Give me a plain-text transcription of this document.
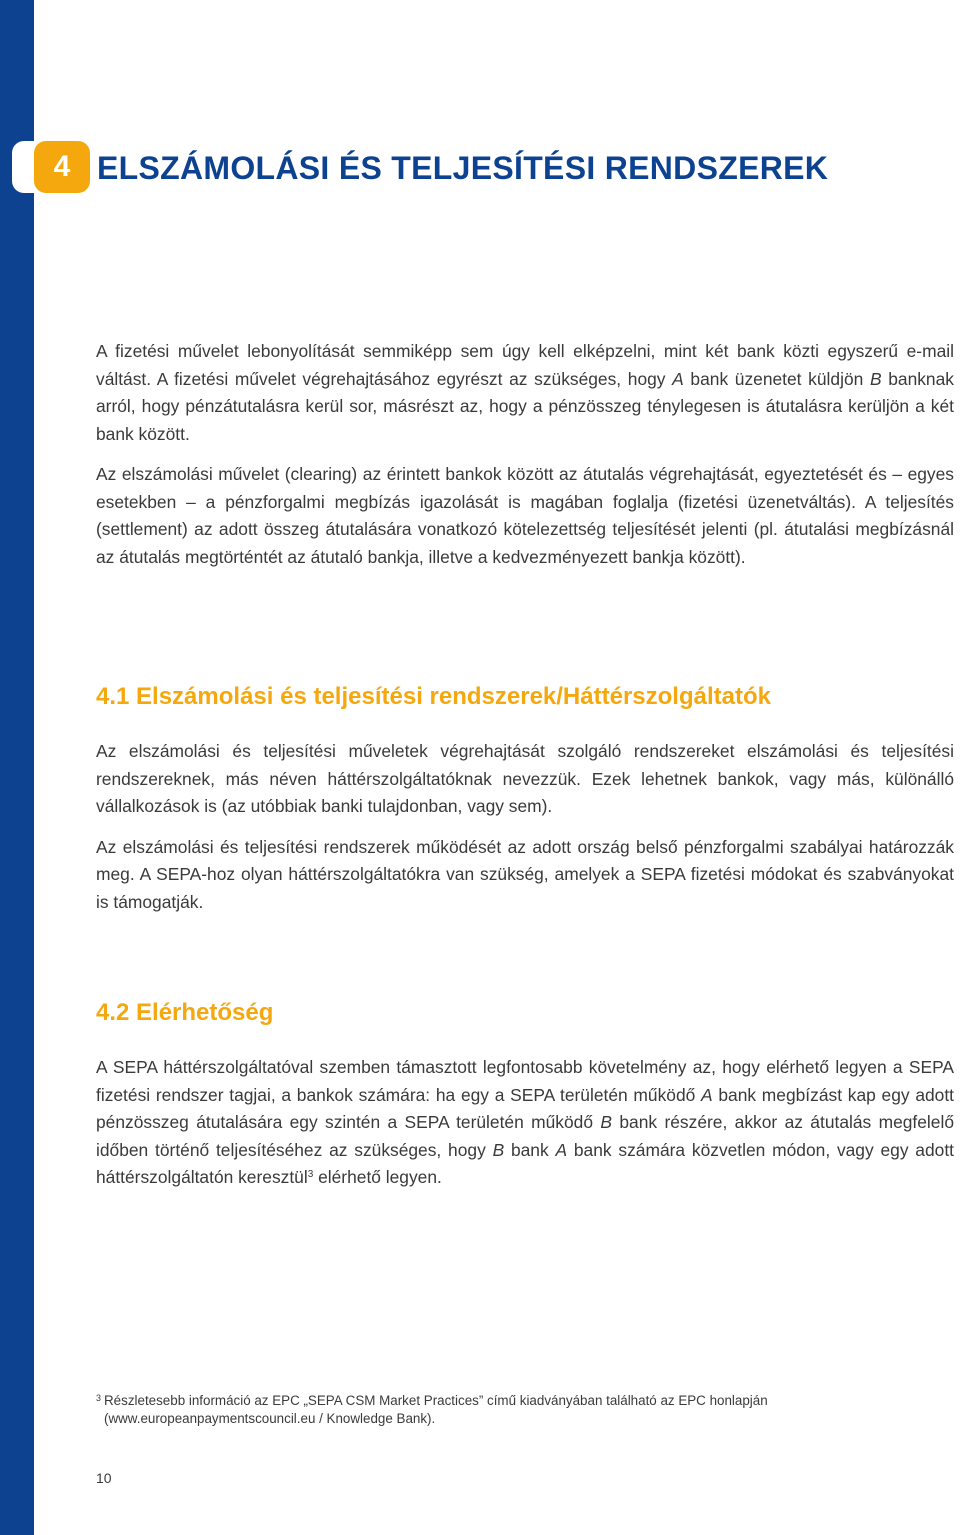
4 ELSZÁMOLÁSI ÉS TELJESÍTÉSI RENDSZEREK

A fizetési művelet lebonyolítását semmiképp sem úgy kell elképzelni, mint két bank közti egyszerű e-mail váltást. A fizetési művelet végrehajtásához egyrészt az szükséges, hogy A bank üzenetet küldjön B banknak arról, hogy pénzátutalásra kerül sor, másrészt az, hogy a pénzösszeg ténylegesen is átutalásra kerüljön a két bank között.

Az elszámolási művelet (clearing) az érintett bankok között az átutalás végrehajtását, egyeztetését és – egyes esetekben – a pénzforgalmi megbízás igazolását is magában foglalja (fizetési üzenetváltás). A teljesítés (settlement) az adott összeg átutalására vonatkozó kötelezettség teljesítését jelenti (pl. átutalási megbízásnál az átutalás megtörténtét az átutaló bankja, illetve a kedvezményezett bankja között).

4.1 Elszámolási és teljesítési rendszerek/Háttérszolgáltatók

Az elszámolási és teljesítési műveletek végrehajtását szolgáló rendszereket elszámolási és teljesítési rendszereknek, más néven háttérszolgáltatóknak nevezzük. Ezek lehetnek bankok, vagy más, különálló vállalkozások is (az utóbbiak banki tulajdonban, vagy sem).

Az elszámolási és teljesítési rendszerek működését az adott ország belső pénzforgalmi szabályai határozzák meg. A SEPA-hoz olyan háttérszolgáltatókra van szükség, amelyek a SEPA fizetési módokat és szabványokat is támogatják.

4.2 Elérhetőség

A SEPA háttérszolgáltatóval szemben támasztott legfontosabb követelmény az, hogy elérhető legyen a SEPA fizetési rendszer tagjai, a bankok számára: ha egy a SEPA területén működő A bank megbízást kap egy adott pénzösszeg átutalására egy szintén a SEPA területén működő B bank részére, akkor az átutalás megfelelő időben történő teljesítéséhez az szükséges, hogy B bank A bank számára közvetlen módon, vagy egy adott háttérszolgáltatón keresztül$^3$ elérhető legyen.

$^3$ Részletesebb információ az EPC „SEPA CSM Market Practices” című kiadványában található az EPC honlapján
(www.europeanpaymentscouncil.eu / Knowledge Bank).
10
